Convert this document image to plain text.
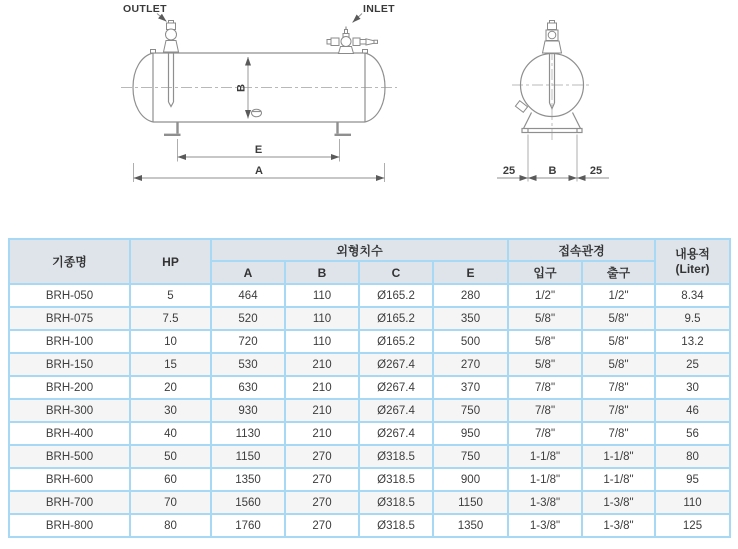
B
E
A
OUTLET	INLET
25	B	25
기종명	HP	외형치수				접속관경		내용적
(Liter)

		A	B	C	E	입구	출구	
BRH-050	5	464	110	Ø165.2	280	1/2"	1/2"	8.34
BRH-075	7.5	520	110	Ø165.2	350	5/8"	5/8"	9.5
BRH-100	10	720	110	Ø165.2	500	5/8"	5/8"	13.2
BRH-150	15	530	210	Ø267.4	270	5/8"	5/8"	25
BRH-200	20	630	210	Ø267.4	370	7/8"	7/8"	30
BRH-300	30	930	210	Ø267.4	750	7/8"	7/8"	46
BRH-400	40	1130	210	Ø267.4	950	7/8"	7/8"	56
BRH-500	50	1150	270	Ø318.5	750	1-1/8"	1-1/8"	80
BRH-600	60	1350	270	Ø318.5	900	1-1/8"	1-1/8"	95
BRH-700	70	1560	270	Ø318.5	1150	1-3/8"	1-3/8"	110
BRH-800	80	1760	270	Ø318.5	1350	1-3/8"	1-3/8"	125
